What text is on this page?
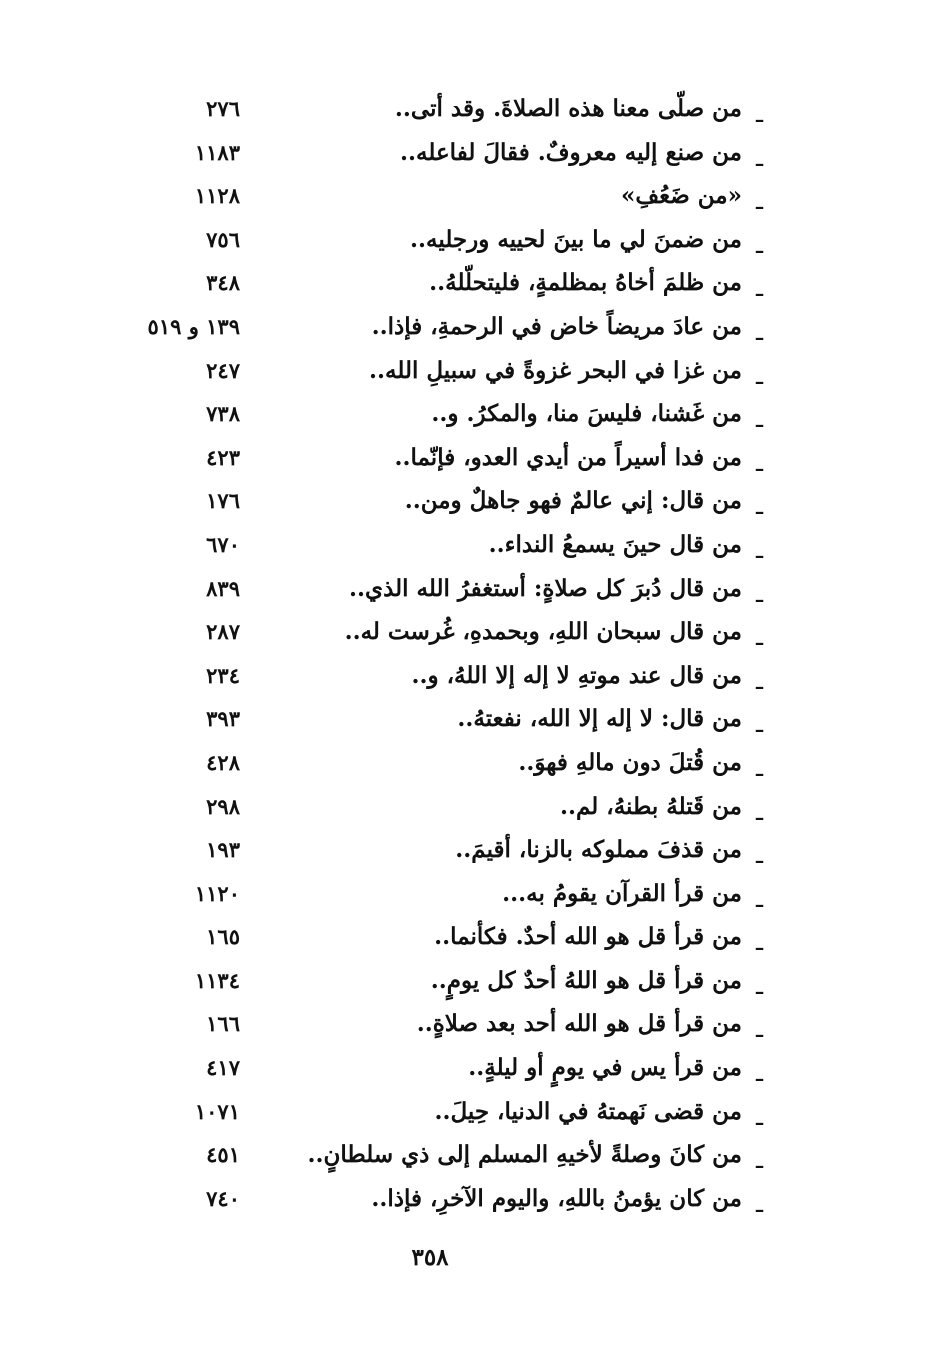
ـ
من صلّى معنا هذه الصلاةَ. وقد أتى..
٢٧٦
ـ
من صنع إليه معروفٌ. فقالَ لفاعله..
١١٨٣
ـ
«من ضَعُفِ»
١١٢٨
ـ
من ضمنَ لي ما بينَ لحييه ورجليه..
٧٥٦
ـ
من ظلمَ أخاهُ بمظلمةٍ، فليتحلّلهُ..
٣٤٨
ـ
من عادَ مريضاً خاض في الرحمةِ، فإذا..
١٣٩ و ٥١٩
ـ
من غزا في البحر غزوةً في سبيلِ الله..
٢٤٧
ـ
من غَشنا، فليسَ منا، والمكرُ. و..
٧٣٨
ـ
من فدا أسيراً من أيدي العدو، فإنّما..
٤٢٣
ـ
من قال: إني عالمٌ فهو جاهلٌ ومن..
١٧٦
ـ
من قال حينَ يسمعُ النداء..
٦٧٠
ـ
من قال دُبرَ كل صلاةٍ: أستغفرُ الله الذي..
٨٣٩
ـ
من قال سبحان اللهِ، وبحمدهِ، غُرست له..
٢٨٧
ـ
من قال عند موتهِ لا إله إلا اللهُ، و..
٢٣٤
ـ
من قال: لا إله إلا الله، نفعتهُ..
٣٩٣
ـ
من قُتلَ دون مالهِ فهوَ..
٤٢٨
ـ
من قَتلهُ بطنهُ، لم..
٢٩٨
ـ
من قذفَ مملوكه بالزنا، أقيمَ..
١٩٣
ـ
من قرأ القرآن يقومُ به...
١١٢٠
ـ
من قرأ قل هو الله أحدٌ. فكأنما..
١٦٥
ـ
من قرأ قل هو اللهُ أحدٌ كل يومٍ..
١١٣٤
ـ
من قرأ قل هو الله أحد بعد صلاةٍ..
١٦٦
ـ
من قرأ يس في يومٍ أو ليلةٍ..
٤١٧
ـ
من قضى نَهمتهُ في الدنيا، حِيلَ..
١٠٧١
ـ
من كانَ وصلةً لأخيهِ المسلم إلى ذي سلطانٍ..
٤٥١
ـ
من كان يؤمنُ باللهِ، واليوم الآخرِ، فإذا..
٧٤٠
٣٥٨
